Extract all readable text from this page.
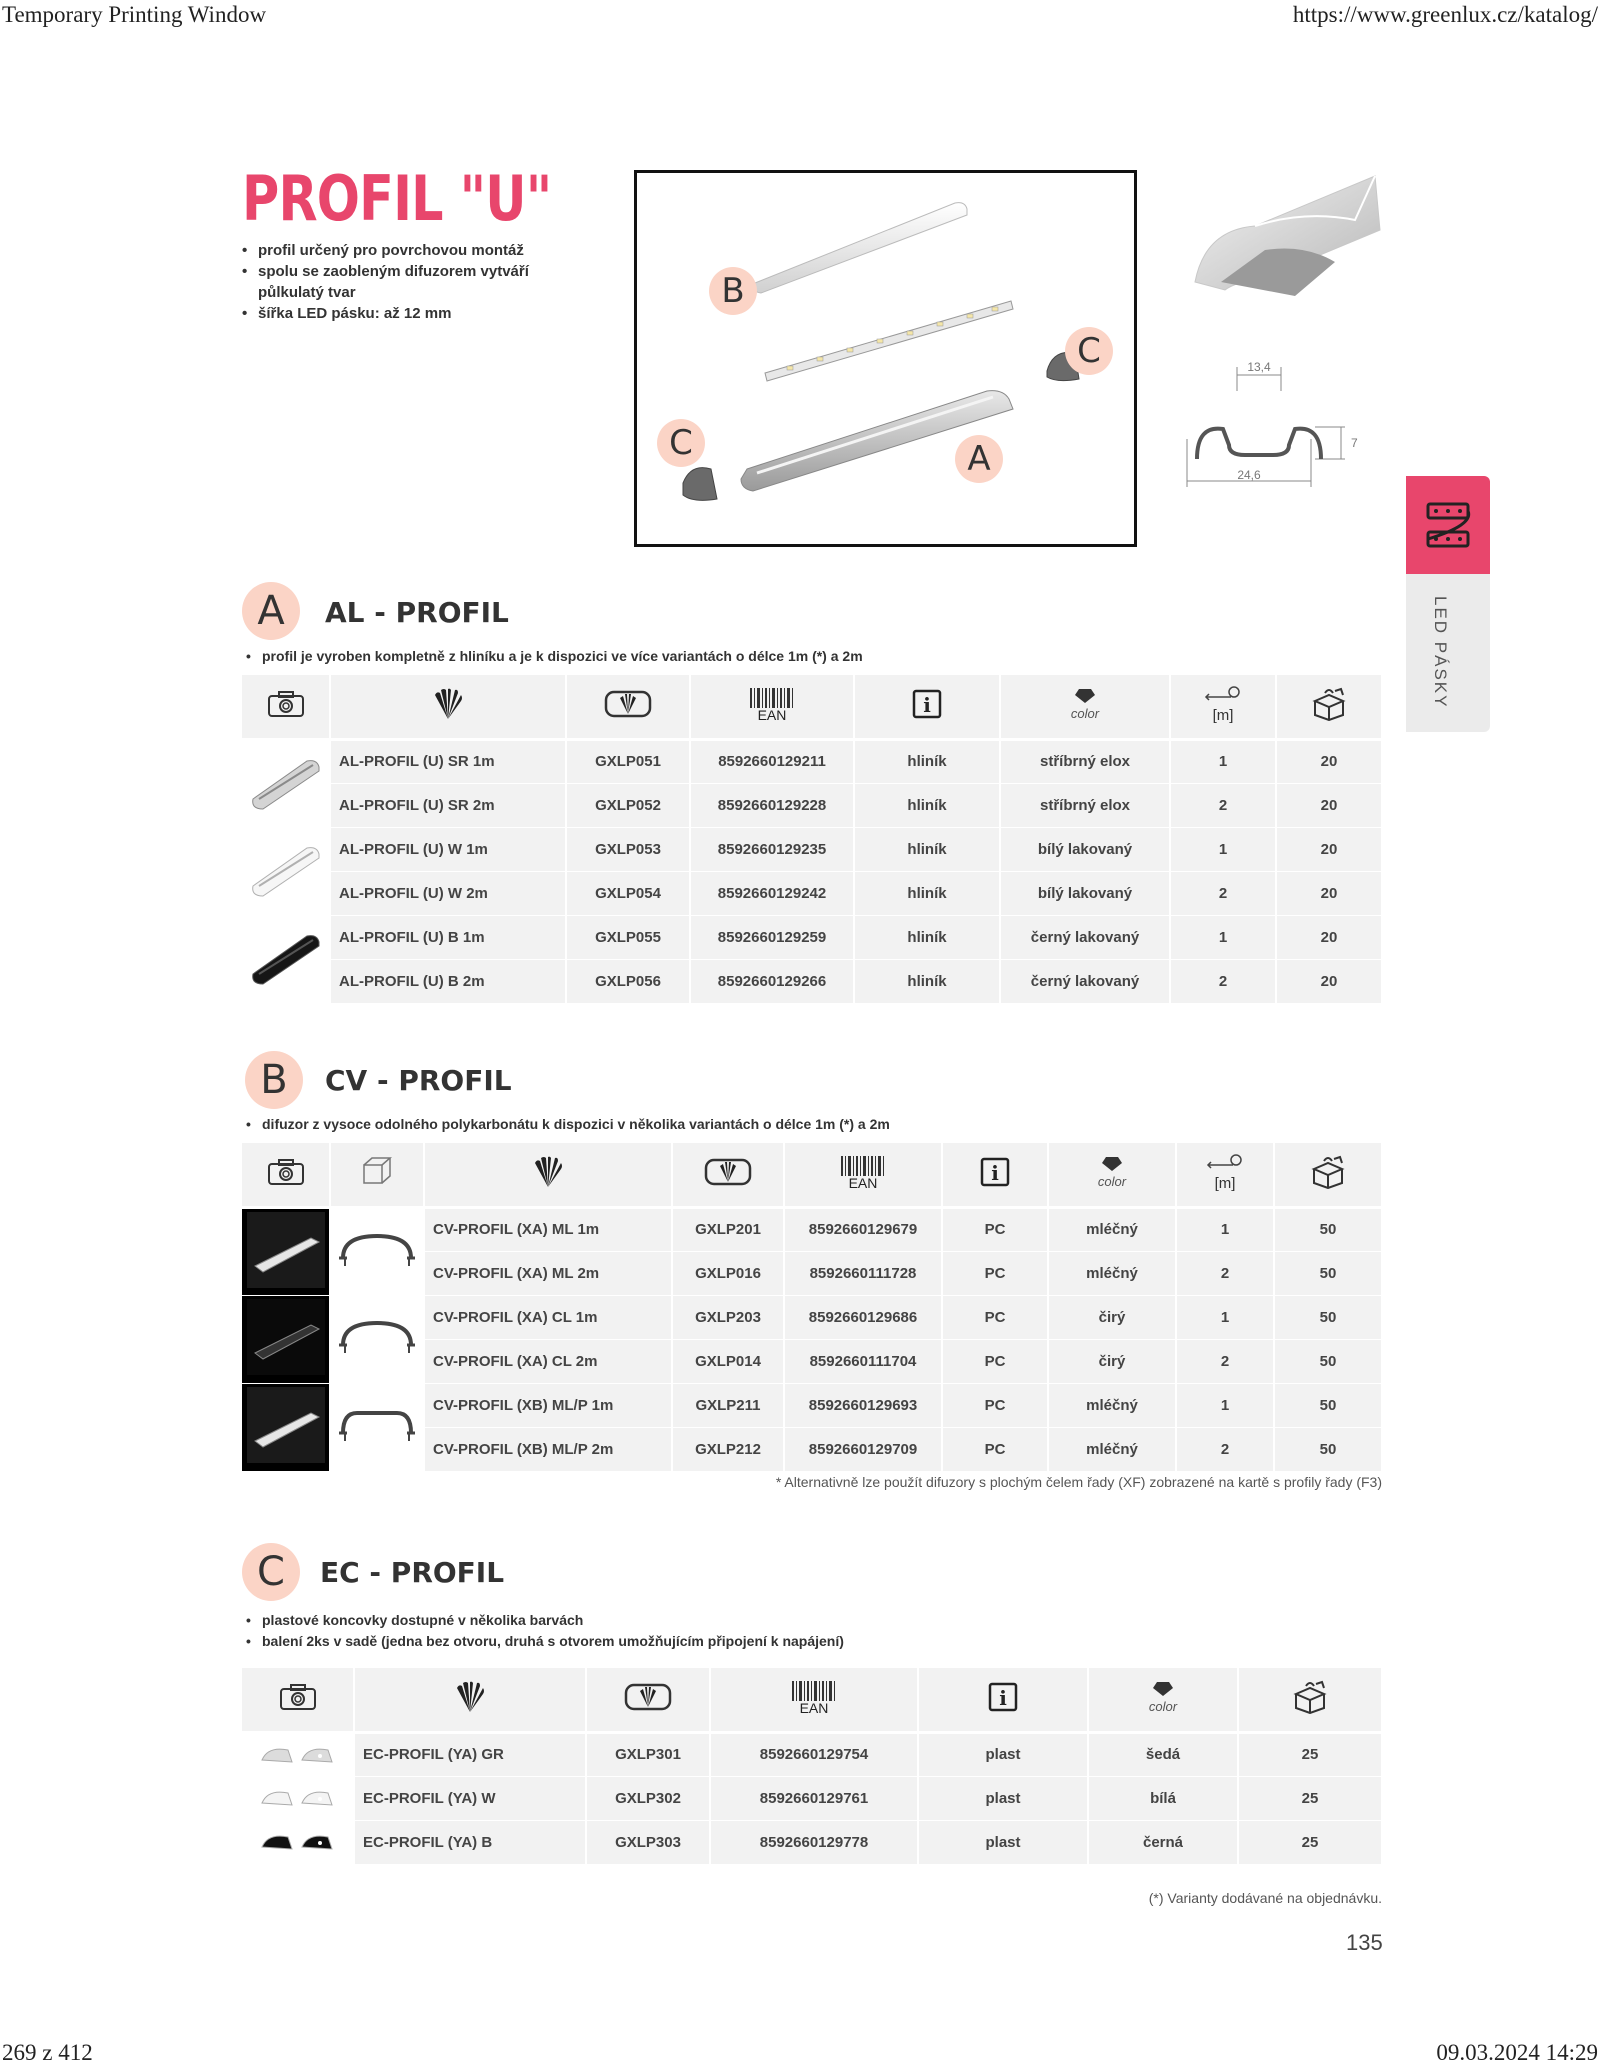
Temporary Printing Window	https://www.greenlux.cz/katalog/
269 z 412	09.03.2024 14:29
PROFIL "U"
• profil určený pro povrchovou montáž
• spolu se zaobleným difuzorem vytváří půlkulatý tvar
• šířka LED pásku: až 12 mm
B
C
C	A
13,4
24,6
7
LED PÁSKY
A	AL - PROFIL
• profil je vyroben kompletně z hliníku a je k dispozici ve více variantách o délce 1m (*) a 2m

EAN	i	color	[m]

	AL-PROFIL (U) SR 1m	GXLP051	8592660129211	hliník	stříbrný elox	1	20
	AL-PROFIL (U) SR 2m	GXLP052	8592660129228	hliník	stříbrný elox	2	20
	AL-PROFIL (U) W 1m	GXLP053	8592660129235	hliník	bílý lakovaný	1	20
	AL-PROFIL (U) W 2m	GXLP054	8592660129242	hliník	bílý lakovaný	2	20
	AL-PROFIL (U) B 1m	GXLP055	8592660129259	hliník	černý lakovaný	1	20
	AL-PROFIL (U) B 2m	GXLP056	8592660129266	hliník	černý lakovaný	2	20
B	CV - PROFIL
• difuzor z vysoce odolného polykarbonátu k dispozici v několika variantách o délce 1m (*) a 2m

EAN	i	color	[m]

		CV-PROFIL (XA) ML 1m	GXLP201	8592660129679	PC	mléčný	1	50
		CV-PROFIL (XA) ML 2m	GXLP016	8592660111728	PC	mléčný	2	50
		CV-PROFIL (XA) CL 1m	GXLP203	8592660129686	PC	čirý	1	50
		CV-PROFIL (XA) CL 2m	GXLP014	8592660111704	PC	čirý	2	50
		CV-PROFIL (XB) ML/P 1m	GXLP211	8592660129693	PC	mléčný	1	50
		CV-PROFIL (XB) ML/P 2m	GXLP212	8592660129709	PC	mléčný	2	50
* Alternativně lze použít difuzory s plochým čelem řady (XF) zobrazené na kartě s profily řady (F3)
C	EC - PROFIL
• plastové koncovky dostupné v několika barvách
• balení 2ks v sadě (jedna bez otvoru, druhá s otvorem umožňujícím připojení k napájení)

EAN	i	color

	EC-PROFIL (YA) GR	GXLP301	8592660129754	plast	šedá	25
	EC-PROFIL (YA) W	GXLP302	8592660129761	plast	bílá	25
	EC-PROFIL (YA) B	GXLP303	8592660129778	plast	černá	25
(*) Varianty dodávané na objednávku.
135
